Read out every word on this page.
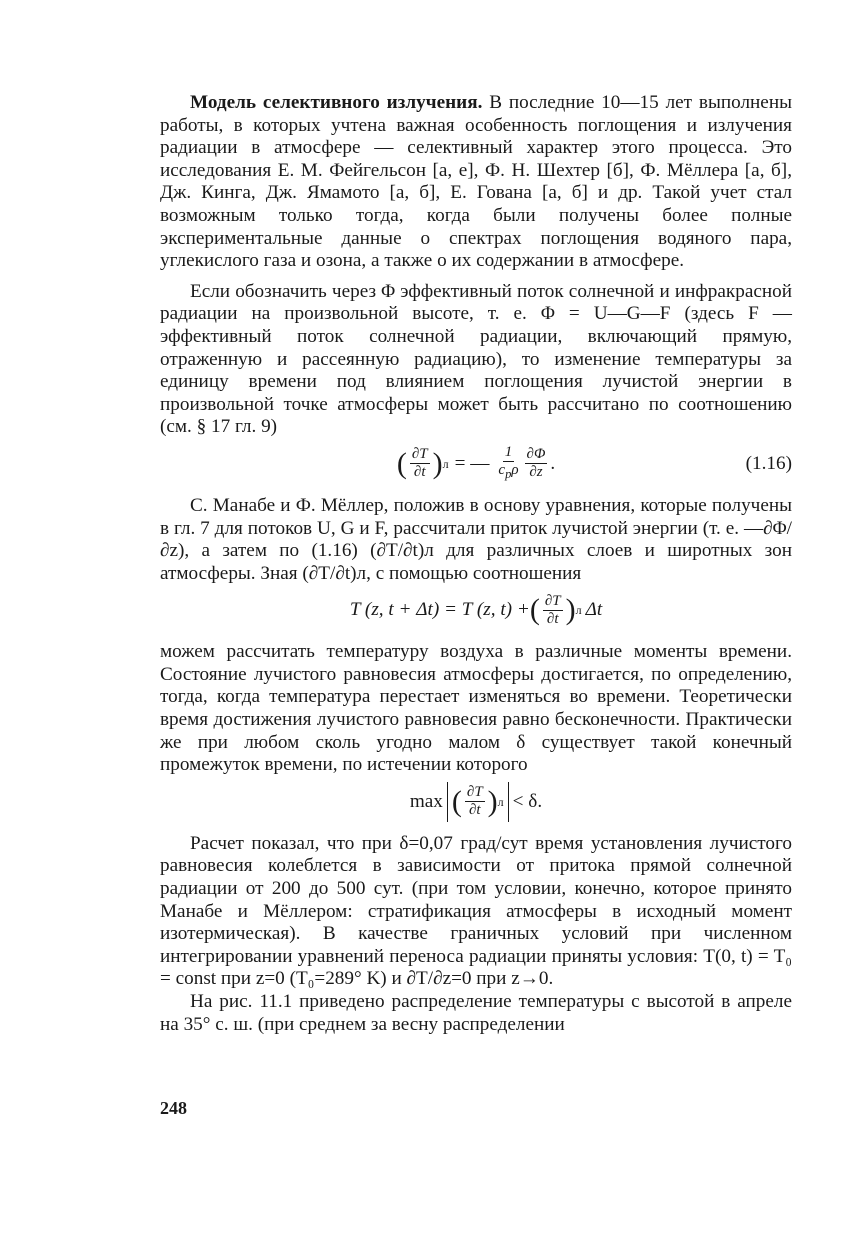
Модель селективного излучения. В последние 10—15 лет выполнены работы, в которых учтена важная особенность поглощения и излучения радиации в атмосфере — селективный характер этого процесса. Это исследования Е. М. Фейгельсон [а, е], Ф. Н. Шехтер [б], Ф. Мёллера [а, б], Дж. Кинга, Дж. Ямамото [а, б], Е. Гована [а, б] и др. Такой учет стал возможным только тогда, когда были получены более полные экспериментальные данные о спектрах поглощения водяного пара, углекислого газа и озона, а также о их содержании в атмосфере.

Если обозначить через Φ эффективный поток солнечной и инфракрасной радиации на произвольной высоте, т. е. Φ = U—G—F (здесь F — эффективный поток солнечной радиации, включающий прямую, отраженную и рассеянную радиацию), то изменение температуры за единицу времени под влиянием поглощения лучистой энергии в произвольной точке атмосферы может быть рассчитано по соотношению (см. § 17 гл. 9)

( $\frac{\partial T}{\partial t}$ ) л = — $\frac{1}{c_p\rho} \frac{\partial\Phi}{\partial z}$ .	(1.16)

С. Манабе и Ф. Мёллер, положив в основу уравнения, которые получены в гл. 7 для потоков U, G и F, рассчитали приток лучистой энергии (т. е. —∂Φ/∂z), а затем по (1.16) (∂T/∂t)л для различных слоев и широтных зон атмосферы. Зная (∂T/∂t)л, с помощью соотношения

T (z, t + Δt) = T (z, t) + ( $\frac{\partial T}{\partial t}$ ) л Δt

можем рассчитать температуру воздуха в различные моменты времени. Состояние лучистого равновесия атмосферы достигается, по определению, тогда, когда температура перестает изменяться во времени. Теоретически время достижения лучистого равновесия равно бесконечности. Практически же при любом сколь угодно малом δ существует такой конечный промежуток времени, по истечении которого

max ( $\frac{\partial T}{\partial t}$ ) л < δ.

Расчет показал, что при δ=0,07 град/сут время установления лучистого равновесия колеблется в зависимости от притока прямой солнечной радиации от 200 до 500 сут. (при том условии, конечно, которое принято Манабе и Мёллером: стратификация атмосферы в исходный момент изотермическая). В качестве граничных условий при численном интегрировании уравнений переноса радиации приняты условия: T(0, t) = T₀ = const при z=0 (T₀=289° K) и ∂T/∂z=0 при z→0.

На рис. 11.1 приведено распределение температуры с высотой в апреле на 35° с. ш. (при среднем за весну распределении

248
